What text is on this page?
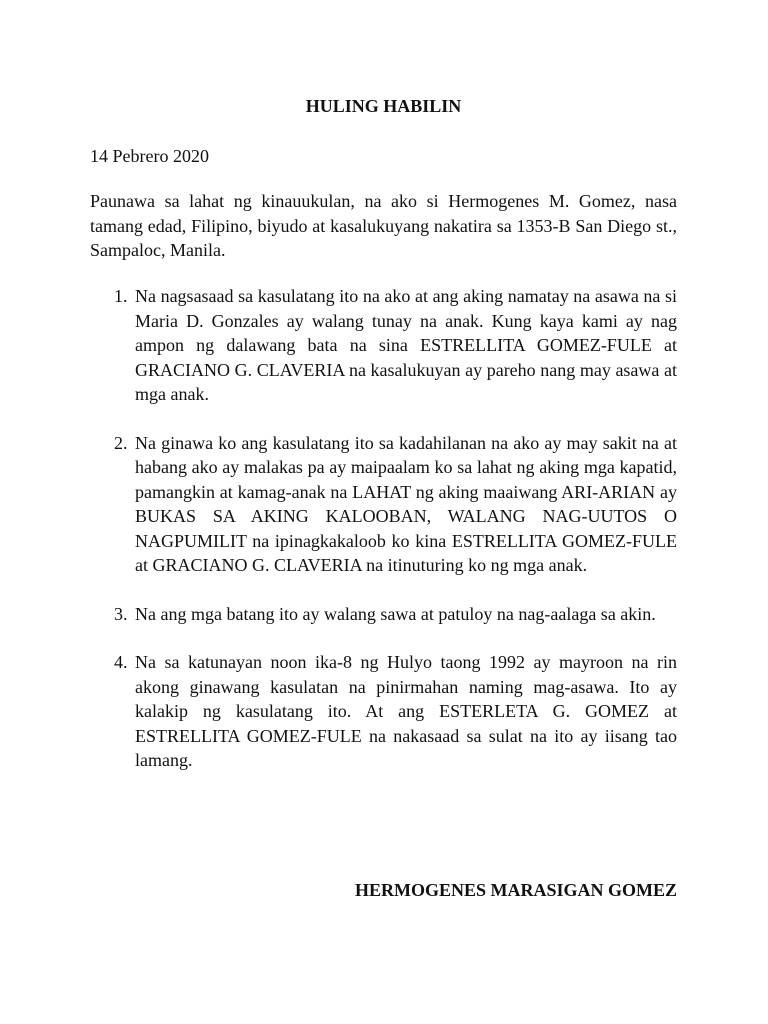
HULING HABILIN

14 Pebrero 2020

Paunawa sa lahat ng kinauukulan, na ako si Hermogenes M. Gomez, nasa tamang edad, Filipino, biyudo at kasalukuyang nakatira sa 1353-B San Diego st., Sampaloc, Manila.

1. Na nagsasaad sa kasulatang ito na ako at ang aking namatay na asawa na si Maria D. Gonzales ay walang tunay na anak. Kung kaya kami ay nag ampon ng dalawang bata na sina ESTRELLITA GOMEZ-FULE at GRACIANO G. CLAVERIA na kasalukuyan ay pareho nang may asawa at mga anak.
2. Na ginawa ko ang kasulatang ito sa kadahilanan na ako ay may sakit na at habang ako ay malakas pa ay maipaalam ko sa lahat ng aking mga kapatid, pamangkin at kamag-anak na LAHAT ng aking maaiwang ARI-ARIAN ay BUKAS SA AKING KALOOBAN, WALANG NAG-UUTOS O NAGPUMILIT na ipinagkakaloob ko kina ESTRELLITA GOMEZ-FULE at GRACIANO G. CLAVERIA na itinuturing ko ng mga anak.
3. Na ang mga batang ito ay walang sawa at patuloy na nag-aalaga sa akin.
4. Na sa katunayan noon ika-8 ng Hulyo taong 1992 ay mayroon na rin akong ginawang kasulatan na pinirmahan naming mag-asawa. Ito ay kalakip ng kasulatang ito. At ang ESTERLETA G. GOMEZ at ESTRELLITA GOMEZ-FULE na nakasaad sa sulat na ito ay iisang tao lamang.

HERMOGENES MARASIGAN GOMEZ
